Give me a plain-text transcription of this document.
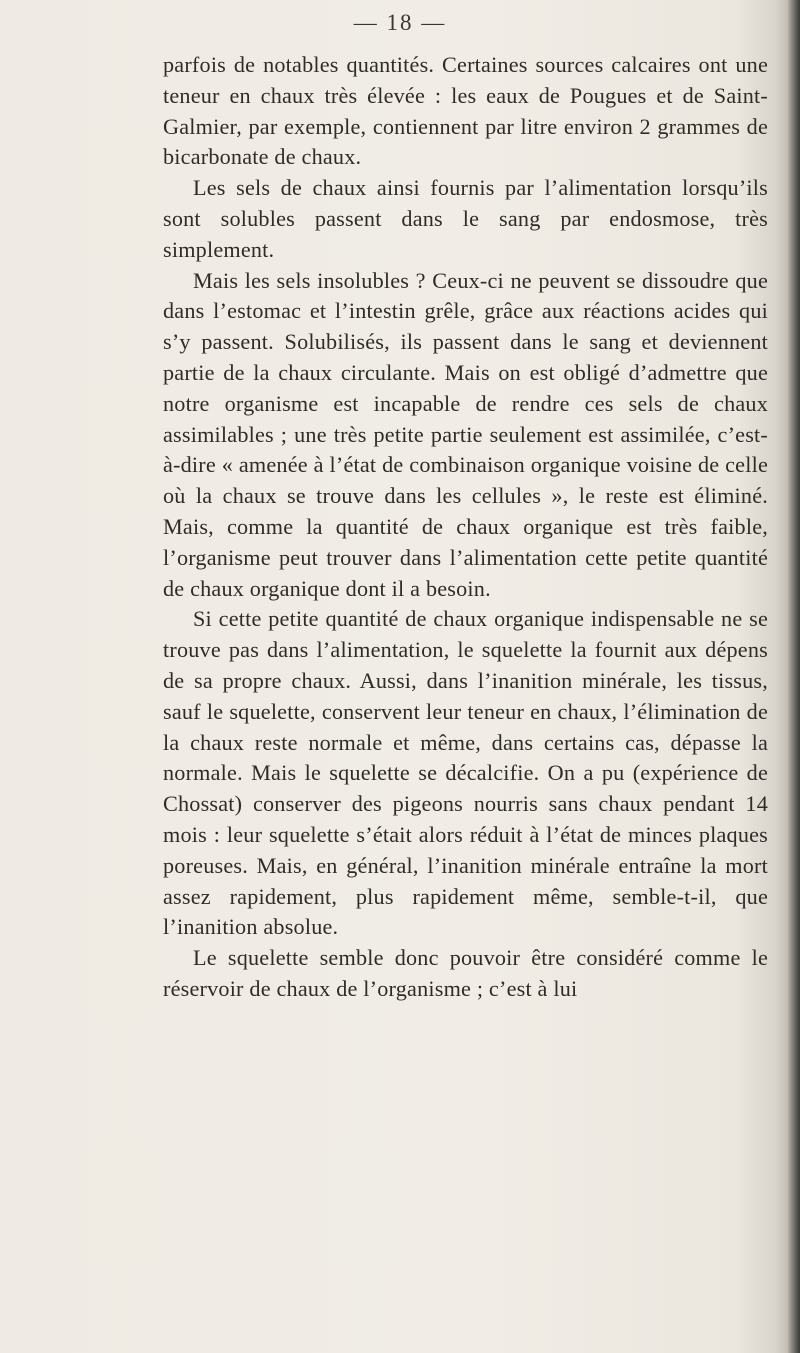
— 18 —

parfois de notables quantités. Certaines sources calcaires ont une teneur en chaux très élevée : les eaux de Pougues et de Saint-Galmier, par exemple, contiennent par litre environ 2 grammes de bicarbonate de chaux.

Les sels de chaux ainsi fournis par l’alimentation lorsqu’ils sont solubles passent dans le sang par endosmose, très simplement.

Mais les sels insolubles ? Ceux-ci ne peuvent se dissoudre que dans l’estomac et l’intestin grêle, grâce aux réactions acides qui s’y passent. Solubilisés, ils passent dans le sang et deviennent partie de la chaux circulante. Mais on est obligé d’admettre que notre organisme est incapable de rendre ces sels de chaux assimilables ; une très petite partie seulement est assimilée, c’est-à-dire « amenée à l’état de combinaison organique voisine de celle où la chaux se trouve dans les cellules », le reste est éliminé. Mais, comme la quantité de chaux organique est très faible, l’organisme peut trouver dans l’alimentation cette petite quantité de chaux organique dont il a besoin.

Si cette petite quantité de chaux organique indispensable ne se trouve pas dans l’alimentation, le squelette la fournit aux dépens de sa propre chaux. Aussi, dans l’inanition minérale, les tissus, sauf le squelette, conservent leur teneur en chaux, l’élimination de la chaux reste normale et même, dans certains cas, dépasse la normale. Mais le squelette se décalcifie. On a pu (expérience de Chossat) conserver des pigeons nourris sans chaux pendant 14 mois : leur squelette s’était alors réduit à l’état de minces plaques poreuses. Mais, en général, l’inanition minérale entraîne la mort assez rapidement, plus rapidement même, semble-t-il, que l’inanition absolue.

Le squelette semble donc pouvoir être considéré comme le réservoir de chaux de l’organisme ; c’est à lui
